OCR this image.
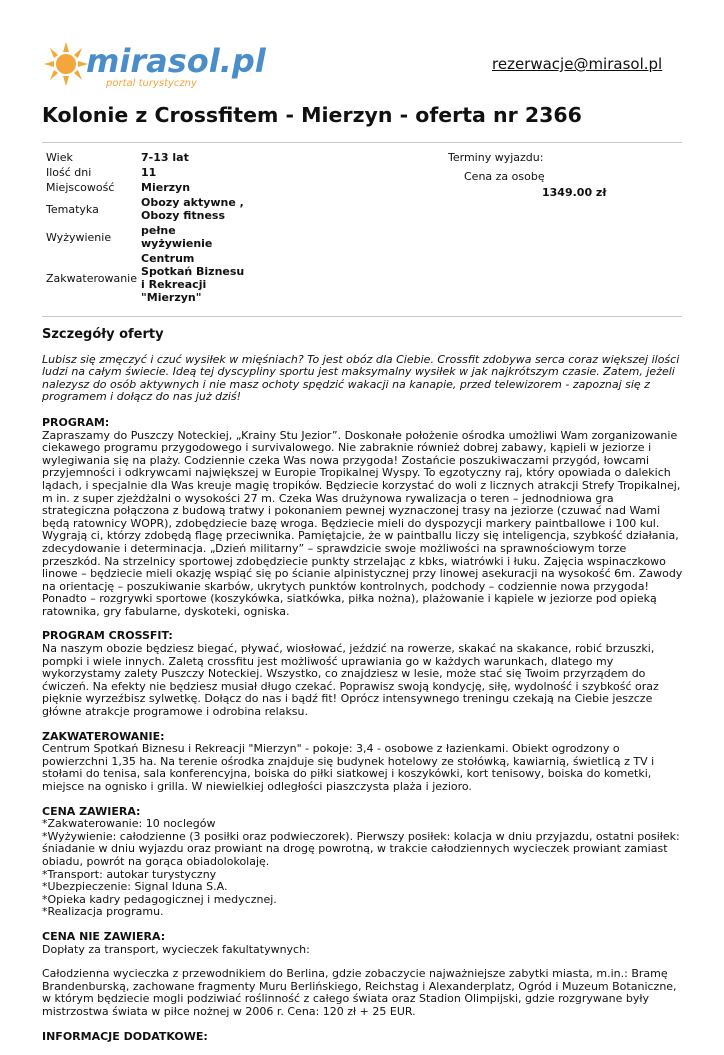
mirasol.pl
portal turystyczny
rezerwacje@mirasol.pl
Kolonie z Crossfitem - Mierzyn - oferta nr 2366
Wiek	7-13 lat
Ilość dni	11
Miejscowość	Mierzyn
Tematyka	Obozy aktywne ,
Obozy fitness
Wyżywienie	pełne
wyżywienie
Zakwaterowanie	Centrum
Spotkań Biznesu
i Rekreacji
"Mierzyn"
Terminy wyjazdu:
Cena za osobę
1349.00 zł
Szczegóły oferty

Lubisz się zmęczyć i czuć wysiłek w mięśniach? To jest obóz dla Ciebie. Crossfit zdobywa serca coraz większej ilości ludzi na całym świecie. Ideą tej dyscypliny sportu jest maksymalny wysiłek w jak najkrótszym czasie. Zatem, jeżeli nalezysz do osób aktywnych i nie masz ochoty spędzić wakacji na kanapie, przed telewizorem - zapoznaj się z programem i dołącz do nas już dziś!

PROGRAM:
Zapraszamy do Puszczy Noteckiej, „Krainy Stu Jezior”. Doskonałe położenie ośrodka umożliwi Wam zorganizowanie ciekawego programu przygodowego i survivalowego. Nie zabraknie również dobrej zabawy, kąpieli w jeziorze i wylegiwania się na plaży. Codziennie czeka Was nowa przygoda! Zostańcie poszukiwaczami przygód, łowcami przyjemności i odkrywcami największej w Europie Tropikalnej Wyspy. To egzotyczny raj, który opowiada o dalekich lądach, i specjalnie dla Was kreuje magię tropików. Będziecie korzystać do woli z licznych atrakcji Strefy Tropikalnej, m in. z super zjeżdżalni o wysokości 27 m. Czeka Was drużynowa rywalizacja o teren – jednodniowa gra strategiczna połączona z budową tratwy i pokonaniem pewnej wyznaczonej trasy na jeziorze (czuwać nad Wami będą ratownicy WOPR), zdobędziecie bazę wroga. Będziecie mieli do dyspozycji markery paintballowe i 100 kul. Wygrają ci, którzy zdobędą flagę przeciwnika. Pamiętajcie, że w paintballu liczy się inteligencja, szybkość działania, zdecydowanie i determinacja. „Dzień militarny” – sprawdzicie swoje możliwości na sprawnościowym torze przeszkód. Na strzelnicy sportowej zdobędziecie punkty strzelając z kbks, wiatrówki i łuku. Zajęcia wspinaczkowo linowe – będziecie mieli okazję wspiąć się po ścianie alpinistycznej przy linowej asekuracji na wysokość 6m. Zawody na orientację – poszukiwanie skarbów, ukrytych punktów kontrolnych, podchody – codziennie nowa przygoda! Ponadto – rozgrywki sportowe (koszykówka, siatkówka, piłka nożna), plażowanie i kąpiele w jeziorze pod opieką ratownika, gry fabularne, dyskoteki, ogniska.
PROGRAM CROSSFIT:
Na naszym obozie będziesz biegać, pływać, wiosłować, jeździć na rowerze, skakać na skakance, robić brzuszki, pompki i wiele innych. Zaletą crossfitu jest możliwość uprawiania go w każdych warunkach, dlatego my wykorzystamy zalety Puszczy Noteckiej. Wszystko, co znajdziesz w lesie, może stać się Twoim przyrządem do ćwiczeń. Na efekty nie będziesz musiał długo czekać. Poprawisz swoją kondycję, siłę, wydolność i szybkość oraz pięknie wyrzeźbisz sylwetkę. Dołącz do nas i bądź fit! Oprócz intensywnego treningu czekają na Ciebie jeszcze główne atrakcje programowe i odrobina relaksu.
ZAKWATEROWANIE:
Centrum Spotkań Biznesu i Rekreacji "Mierzyn" - pokoje: 3,4 - osobowe z łazienkami. Obiekt ogrodzony o powierzchni 1,35 ha. Na terenie ośrodka znajduje się budynek hotelowy ze stołówką, kawiarnią, świetlicą z TV i stołami do tenisa, sala konferencyjna, boiska do piłki siatkowej i koszykówki, kort tenisowy, boiska do kometki, miejsce na ognisko i grilla. W niewielkiej odległości piaszczysta plaża i jezioro.
CENA ZAWIERA:
*Zakwaterowanie: 10 noclegów
*Wyżywienie: całodzienne (3 posiłki oraz podwieczorek). Pierwszy posiłek: kolacja w dniu przyjazdu, ostatni posiłek: śniadanie w dniu wyjazdu oraz prowiant na drogę powrotną, w trakcie całodziennych wycieczek prowiant zamiast obiadu, powrót na gorąca obiadolokolaję.
*Transport: autokar turystyczny
*Ubezpieczenie: Signal Iduna S.A.
*Opieka kadry pedagogicznej i medycznej.
*Realizacja programu.
CENA NIE ZAWIERA:
Dopłaty za transport, wycieczek fakultatywnych:

Całodzienna wycieczka z przewodnikiem do Berlina, gdzie zobaczycie najważniejsze zabytki miasta, m.in.: Bramę Brandenburską, zachowane fragmenty Muru Berlińskiego, Reichstag i Alexanderplatz, Ogród i Muzeum Botaniczne, w którym będziecie mogli podziwiać roślinność z całego świata oraz Stadion Olimpijski, gdzie rozgrywane były mistrzostwa świata w piłce nożnej w 2006 r. Cena: 120 zł + 25 EUR.

INFORMACJE DODATKOWE:
